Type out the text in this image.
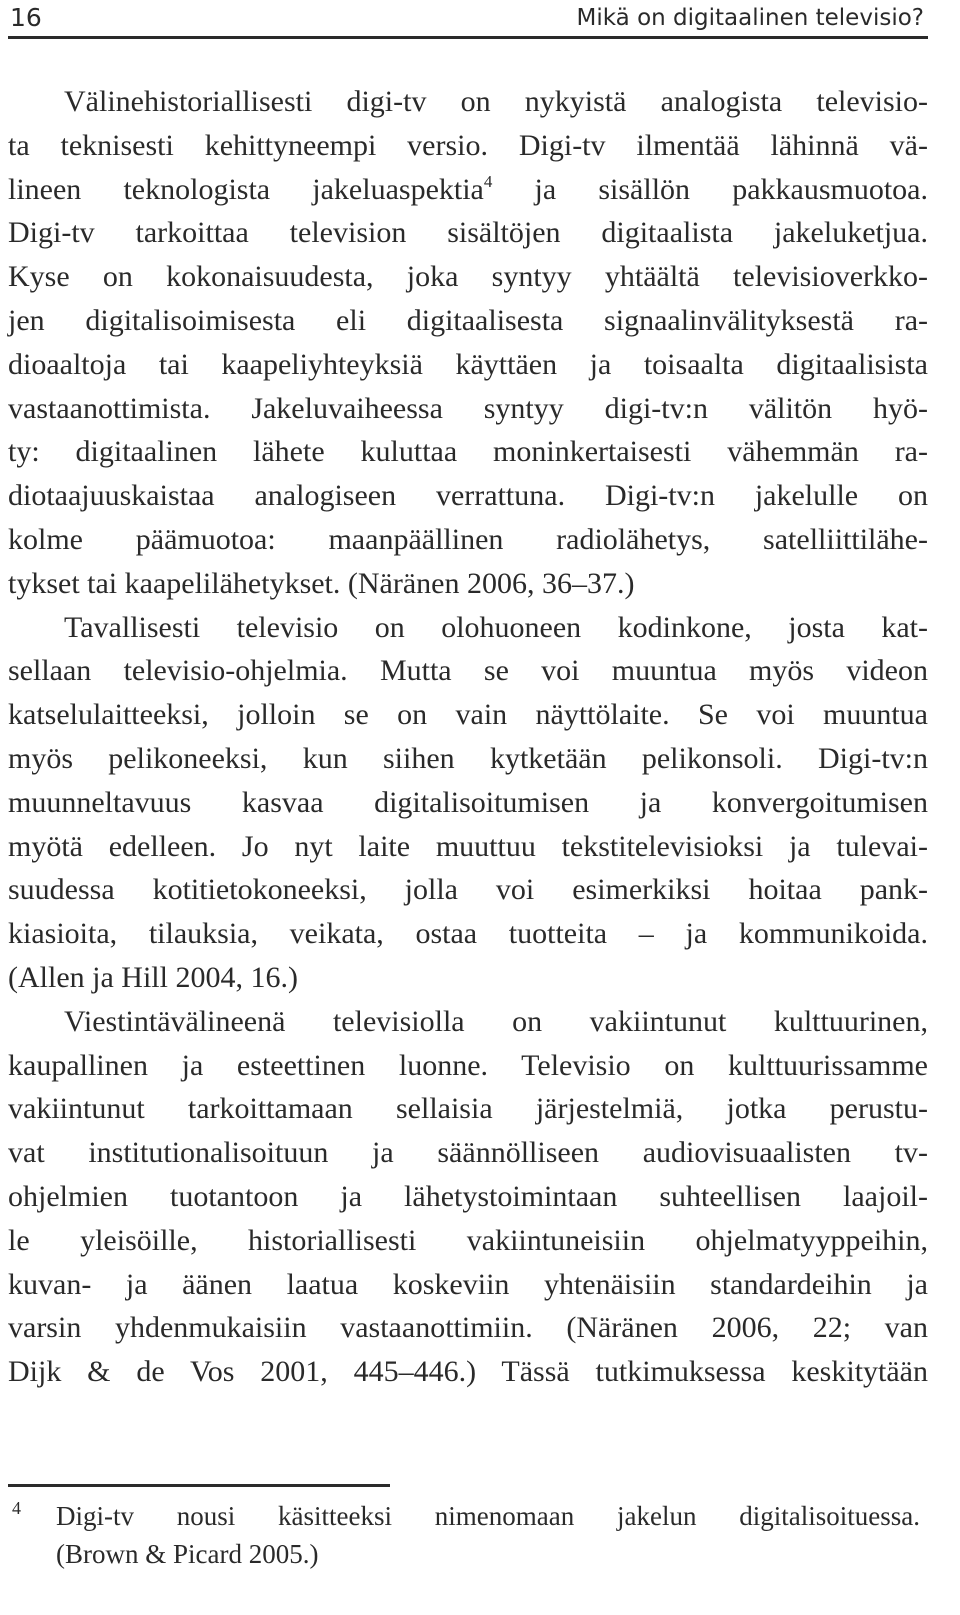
16	Mikä on digitaalinen televisio?
Välinehistoriallisesti digi-tv on nykyistä analogista televisio-
ta teknisesti kehittyneempi versio. Digi-tv ilmentää lähinnä vä-
lineen teknologista jakeluaspektia$^4$ ja sisällön pakkausmuotoa.
Digi-tv tarkoittaa television sisältöjen digitaalista jakeluketjua.
Kyse on kokonaisuudesta, joka syntyy yhtäältä televisioverkko-
jen digitalisoimisesta eli digitaalisesta signaalinvälityksestä ra-
dioaaltoja tai kaapeliyhteyksiä käyttäen ja toisaalta digitaalisista
vastaanottimista. Jakeluvaiheessa syntyy digi-tv:n välitön hyö-
ty: digitaalinen lähete kuluttaa moninkertaisesti vähemmän ra-
diotaajuuskaistaa analogiseen verrattuna. Digi-tv:n jakelulle on
kolme päämuotoa: maanpäällinen radiolähetys, satelliittilähe-
tykset tai kaapelilähetykset. (Näränen 2006, 36–37.)
Tavallisesti televisio on olohuoneen kodinkone, josta kat-
sellaan televisio-ohjelmia. Mutta se voi muuntua myös videon
katselulaitteeksi, jolloin se on vain näyttölaite. Se voi muuntua
myös pelikoneeksi, kun siihen kytketään pelikonsoli. Digi-tv:n
muunneltavuus kasvaa digitalisoitumisen ja konvergoitumisen
myötä edelleen. Jo nyt laite muuttuu tekstitelevisioksi ja tulevai-
suudessa kotitietokoneeksi, jolla voi esimerkiksi hoitaa pank-
kiasioita, tilauksia, veikata, ostaa tuotteita – ja kommunikoida.
(Allen ja Hill 2004, 16.)
Viestintävälineenä televisiolla on vakiintunut kulttuurinen,
kaupallinen ja esteettinen luonne. Televisio on kulttuurissamme
vakiintunut tarkoittamaan sellaisia järjestelmiä, jotka perustu-
vat institutionalisoituun ja säännölliseen audiovisuaalisten tv-
ohjelmien tuotantoon ja lähetystoimintaan suhteellisen laajoil-
le yleisöille, historiallisesti vakiintuneisiin ohjelmatyyppeihin,
kuvan- ja äänen laatua koskeviin yhtenäisiin standardeihin ja
varsin yhdenmukaisiin vastaanottimiin. (Näränen 2006, 22; van
Dijk & de Vos 2001, 445–446.) Tässä tutkimuksessa keskitytään
4 Digi-tv nousi käsitteeksi nimenomaan jakelun digitalisoituessa.
(Brown & Picard 2005.)
